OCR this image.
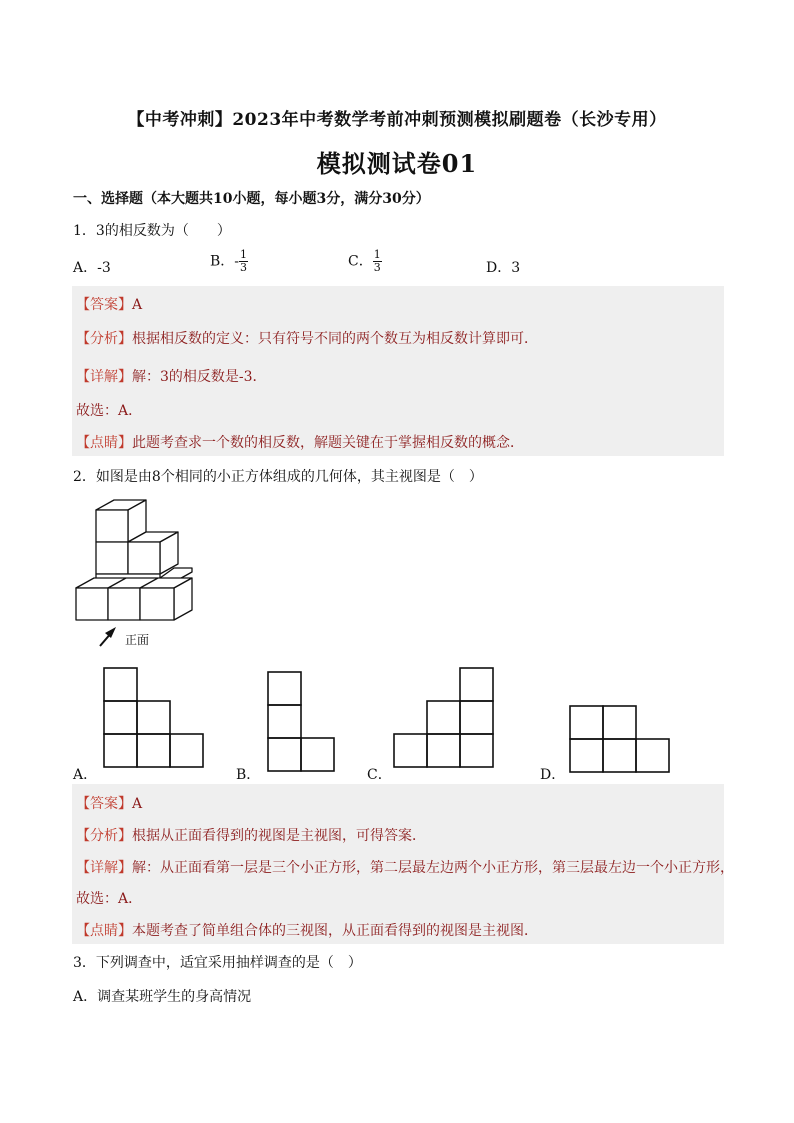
【中考冲刺】2023年中考数学考前冲刺预测模拟刷题卷（长沙专用）
模拟测试卷01
一、选择题（本大题共10小题，每小题3分，满分30分）
1．3的相反数为（　　）
A．-3	B．- $\frac{1}{3}$	C． $\frac{1}{3}$	D．3
【答案】A
【分析】根据相反数的定义：只有符号不同的两个数互为相反数计算即可．
【详解】解：3的相反数是-3．
故选：A．
【点睛】此题考查求一个数的相反数，解题关键在于掌握相反数的概念．
2．如图是由8个相同的小正方体组成的几何体，其主视图是（　）
正面
A．	B．	C．	D．
【答案】A
【分析】根据从正面看得到的视图是主视图，可得答案．
【详解】解：从正面看第一层是三个小正方形，第二层最左边两个小正方形，第三层最左边一个小正方形，
故选：A．
【点睛】本题考查了简单组合体的三视图，从正面看得到的视图是主视图．
3．下列调查中，适宜采用抽样调查的是（　）
A．调查某班学生的身高情况
